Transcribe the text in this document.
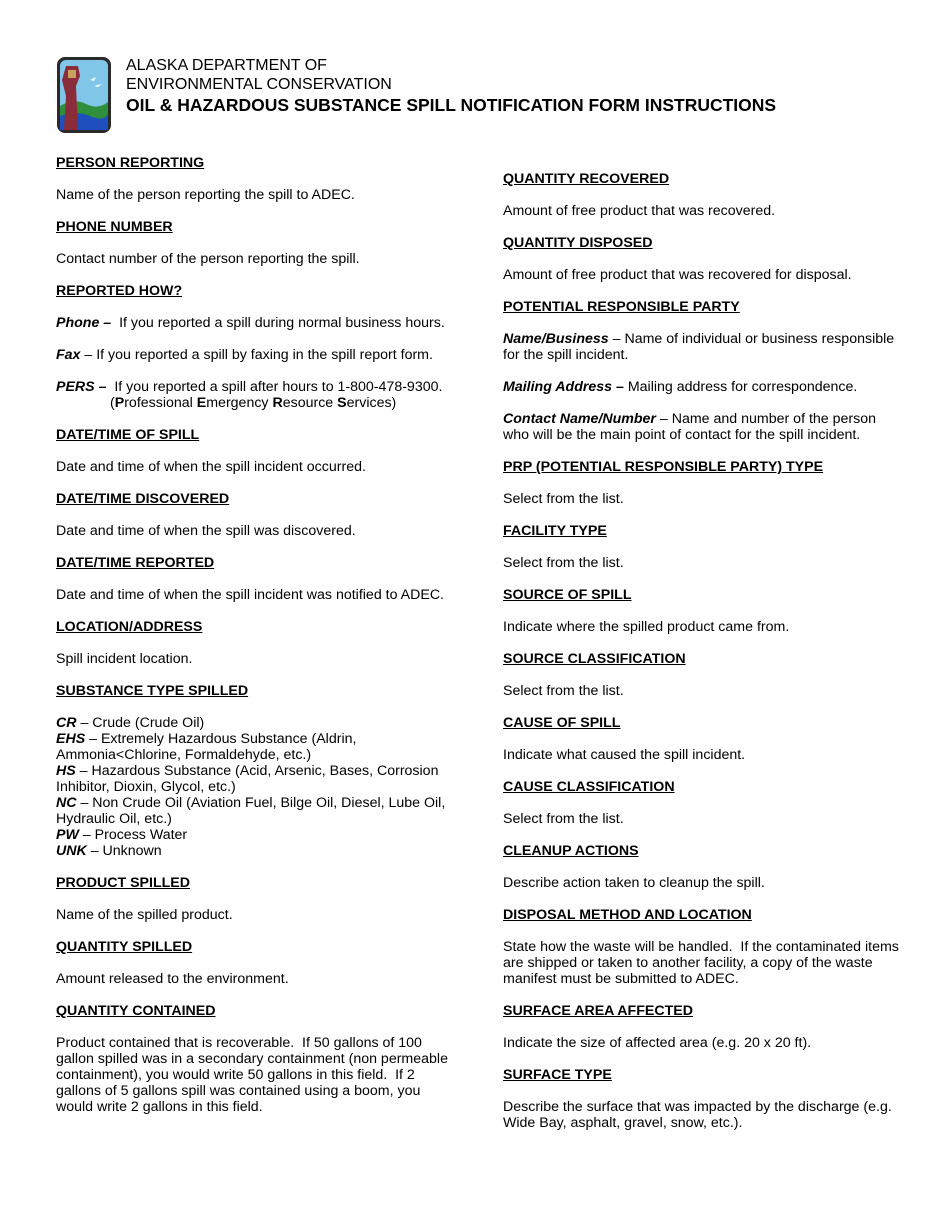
ALASKA DEPARTMENT OF
ENVIRONMENTAL CONSERVATION
OIL & HAZARDOUS SUBSTANCE SPILL NOTIFICATION FORM INSTRUCTIONS
PERSON REPORTING
Name of the person reporting the spill to ADEC.
PHONE NUMBER
Contact number of the person reporting the spill.
REPORTED HOW?
Phone –  If you reported a spill during normal business hours.
Fax – If you reported a spill by faxing in the spill report form.
PERS –  If you reported a spill after hours to 1-800-478-9300.
(Professional Emergency Resource Services)
DATE/TIME OF SPILL
Date and time of when the spill incident occurred.
DATE/TIME DISCOVERED
Date and time of when the spill was discovered.
DATE/TIME REPORTED
Date and time of when the spill incident was notified to ADEC.
LOCATION/ADDRESS
Spill incident location.
SUBSTANCE TYPE SPILLED
CR – Crude (Crude Oil)
EHS – Extremely Hazardous Substance (Aldrin, Ammonia<Chlorine, Formaldehyde, etc.)
HS – Hazardous Substance (Acid, Arsenic, Bases, Corrosion Inhibitor, Dioxin, Glycol, etc.)
NC – Non Crude Oil (Aviation Fuel, Bilge Oil, Diesel, Lube Oil, Hydraulic Oil, etc.)
PW – Process Water
UNK – Unknown
PRODUCT SPILLED
Name of the spilled product.
QUANTITY SPILLED
Amount released to the environment.
QUANTITY CONTAINED
Product contained that is recoverable.  If 50 gallons of 100 gallon spilled was in a secondary containment (non permeable containment), you would write 50 gallons in this field.  If 2 gallons of 5 gallons spill was contained using a boom, you would write 2 gallons in this field.
QUANTITY RECOVERED
Amount of free product that was recovered.
QUANTITY DISPOSED
Amount of free product that was recovered for disposal.
POTENTIAL RESPONSIBLE PARTY
Name/Business – Name of individual or business responsible for the spill incident.
Mailing Address – Mailing address for correspondence.
Contact Name/Number – Name and number of the person who will be the main point of contact for the spill incident.
PRP (POTENTIAL RESPONSIBLE PARTY) TYPE
Select from the list.
FACILITY TYPE
Select from the list.
SOURCE OF SPILL
Indicate where the spilled product came from.
SOURCE CLASSIFICATION
Select from the list.
CAUSE OF SPILL
Indicate what caused the spill incident.
CAUSE CLASSIFICATION
Select from the list.
CLEANUP ACTIONS
Describe action taken to cleanup the spill.
DISPOSAL METHOD AND LOCATION
State how the waste will be handled.  If the contaminated items are shipped or taken to another facility, a copy of the waste manifest must be submitted to ADEC.
SURFACE AREA AFFECTED
Indicate the size of affected area (e.g. 20 x 20 ft).
SURFACE TYPE
Describe the surface that was impacted by the discharge (e.g. Wide Bay, asphalt, gravel, snow, etc.).
